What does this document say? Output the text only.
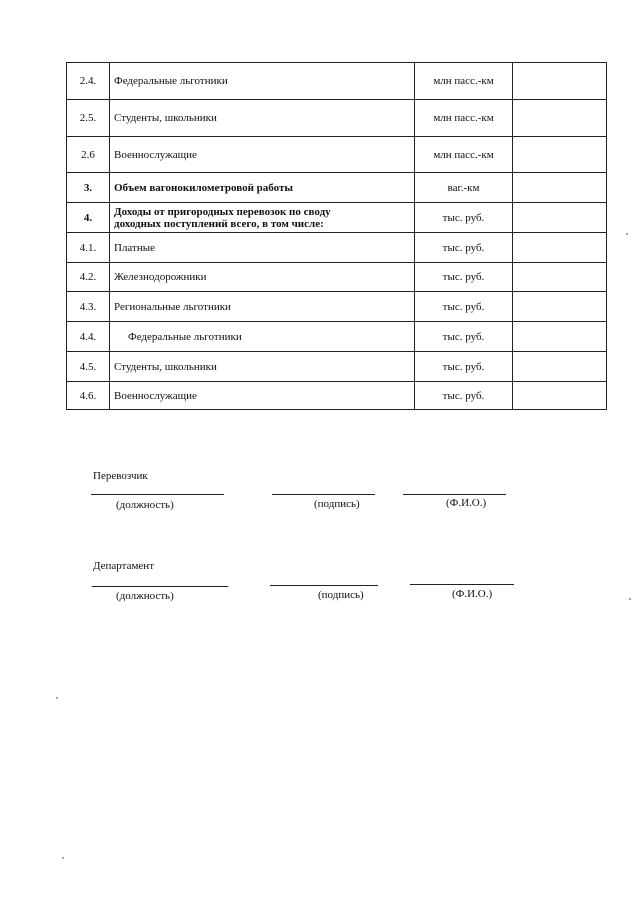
2.4.	Федеральные льготники	млн пасс.-км	
2.5.	Студенты, школьники	млн пасс.-км	
2.6	Военнослужащие	млн пасс.-км	
3.	Объем вагонокилометровой работы	ваг.-км	
4.	Доходы от пригородных перевозок по своду
доходных поступлений всего, в том числе:	тыс. руб.	
4.1.	Платные	тыс. руб.	
4.2.	Железнодорожники	тыс. руб.	
4.3.	Региональные льготники	тыс. руб.	
4.4.	Федеральные льготники	тыс. руб.	
4.5.	Студенты, школьники	тыс. руб.	
4.6.	Военнослужащие	тыс. руб.	
Перевозчик
(должность)	(подпись)	(Ф.И.О.)
Департамент
(должность)	(подпись)	(Ф.И.О.)
